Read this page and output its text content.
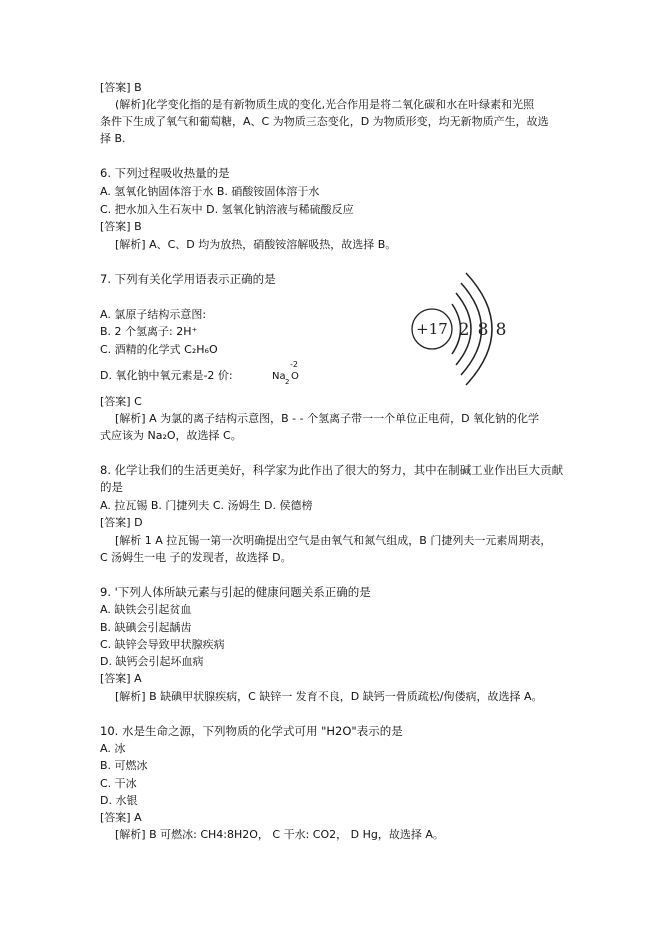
[答案] B
(解析]化学变化指的是有新物质生成的变化,光合作用是将二氧化碳和水在叶绿素和光照
条件下生成了氧气和葡萄糖，A、C 为物质三态变化，D 为物质形变，均无新物质产生，故选
择 B.
6. 下列过程吸收热量的是
A. 氢氧化钠固体溶于水 B. 硝酸铵固体溶于水
C. 把水加入生石灰中 D. 氢氧化钠溶液与稀硫酸反应
[答案] B
[解析] A、C、D 均为放热，硝酸铵溶解吸热，故选择 B。
7. 下列有关化学用语表示正确的是
A. 氯原子结构示意图:
B. 2 个氢离子: 2H⁺
C. 酒精的化学式 C₂H₆O
D. 氧化钠中氧元素是-2 价:	Na 2
-2
O
+17 2 8 8
[答案] C
[解析] A 为氯的离子结构示意图，B - - 个氢离子带一一个单位正电荷，D 氧化钠的化学
式应该为 Na₂O，故选择 C。
8. 化学让我们的生活更美好，科学家为此作出了很大的努力，其中在制碱工业作出巨大贡献
的是
A. 拉瓦锡 B. 门捷列夫 C. 汤姆生 D. 侯德榜
[答案] D
[解析 1 A 拉瓦锡一第一次明确提出空气是由氧气和氮气组成，B 门捷列夫一元素周期表，
C 汤姆生一电 子的发现者，故选择 D。
9. '下列人体所缺元素与引起的健康问题关系正确的是
A. 缺铁会引起贫血
B. 缺碘会引起龋齿
C. 缺锌会导致甲状腺疾病
D. 缺钙会引起坏血病
[答案] A
[解析] B 缺碘甲状腺疾病，C 缺锌一 发育不良，D 缺钙一骨质疏松/佝偻病，故选择 A。
10. 水是生命之源，下列物质的化学式可用 "H2O"表示的是
A. 冰
B. 可燃冰
C. 干冰
D. 水银
[答案] A
[解析] B 可燃冰: CH4:8H2O， C 干水: CO2， D Hg，故选择 A。
